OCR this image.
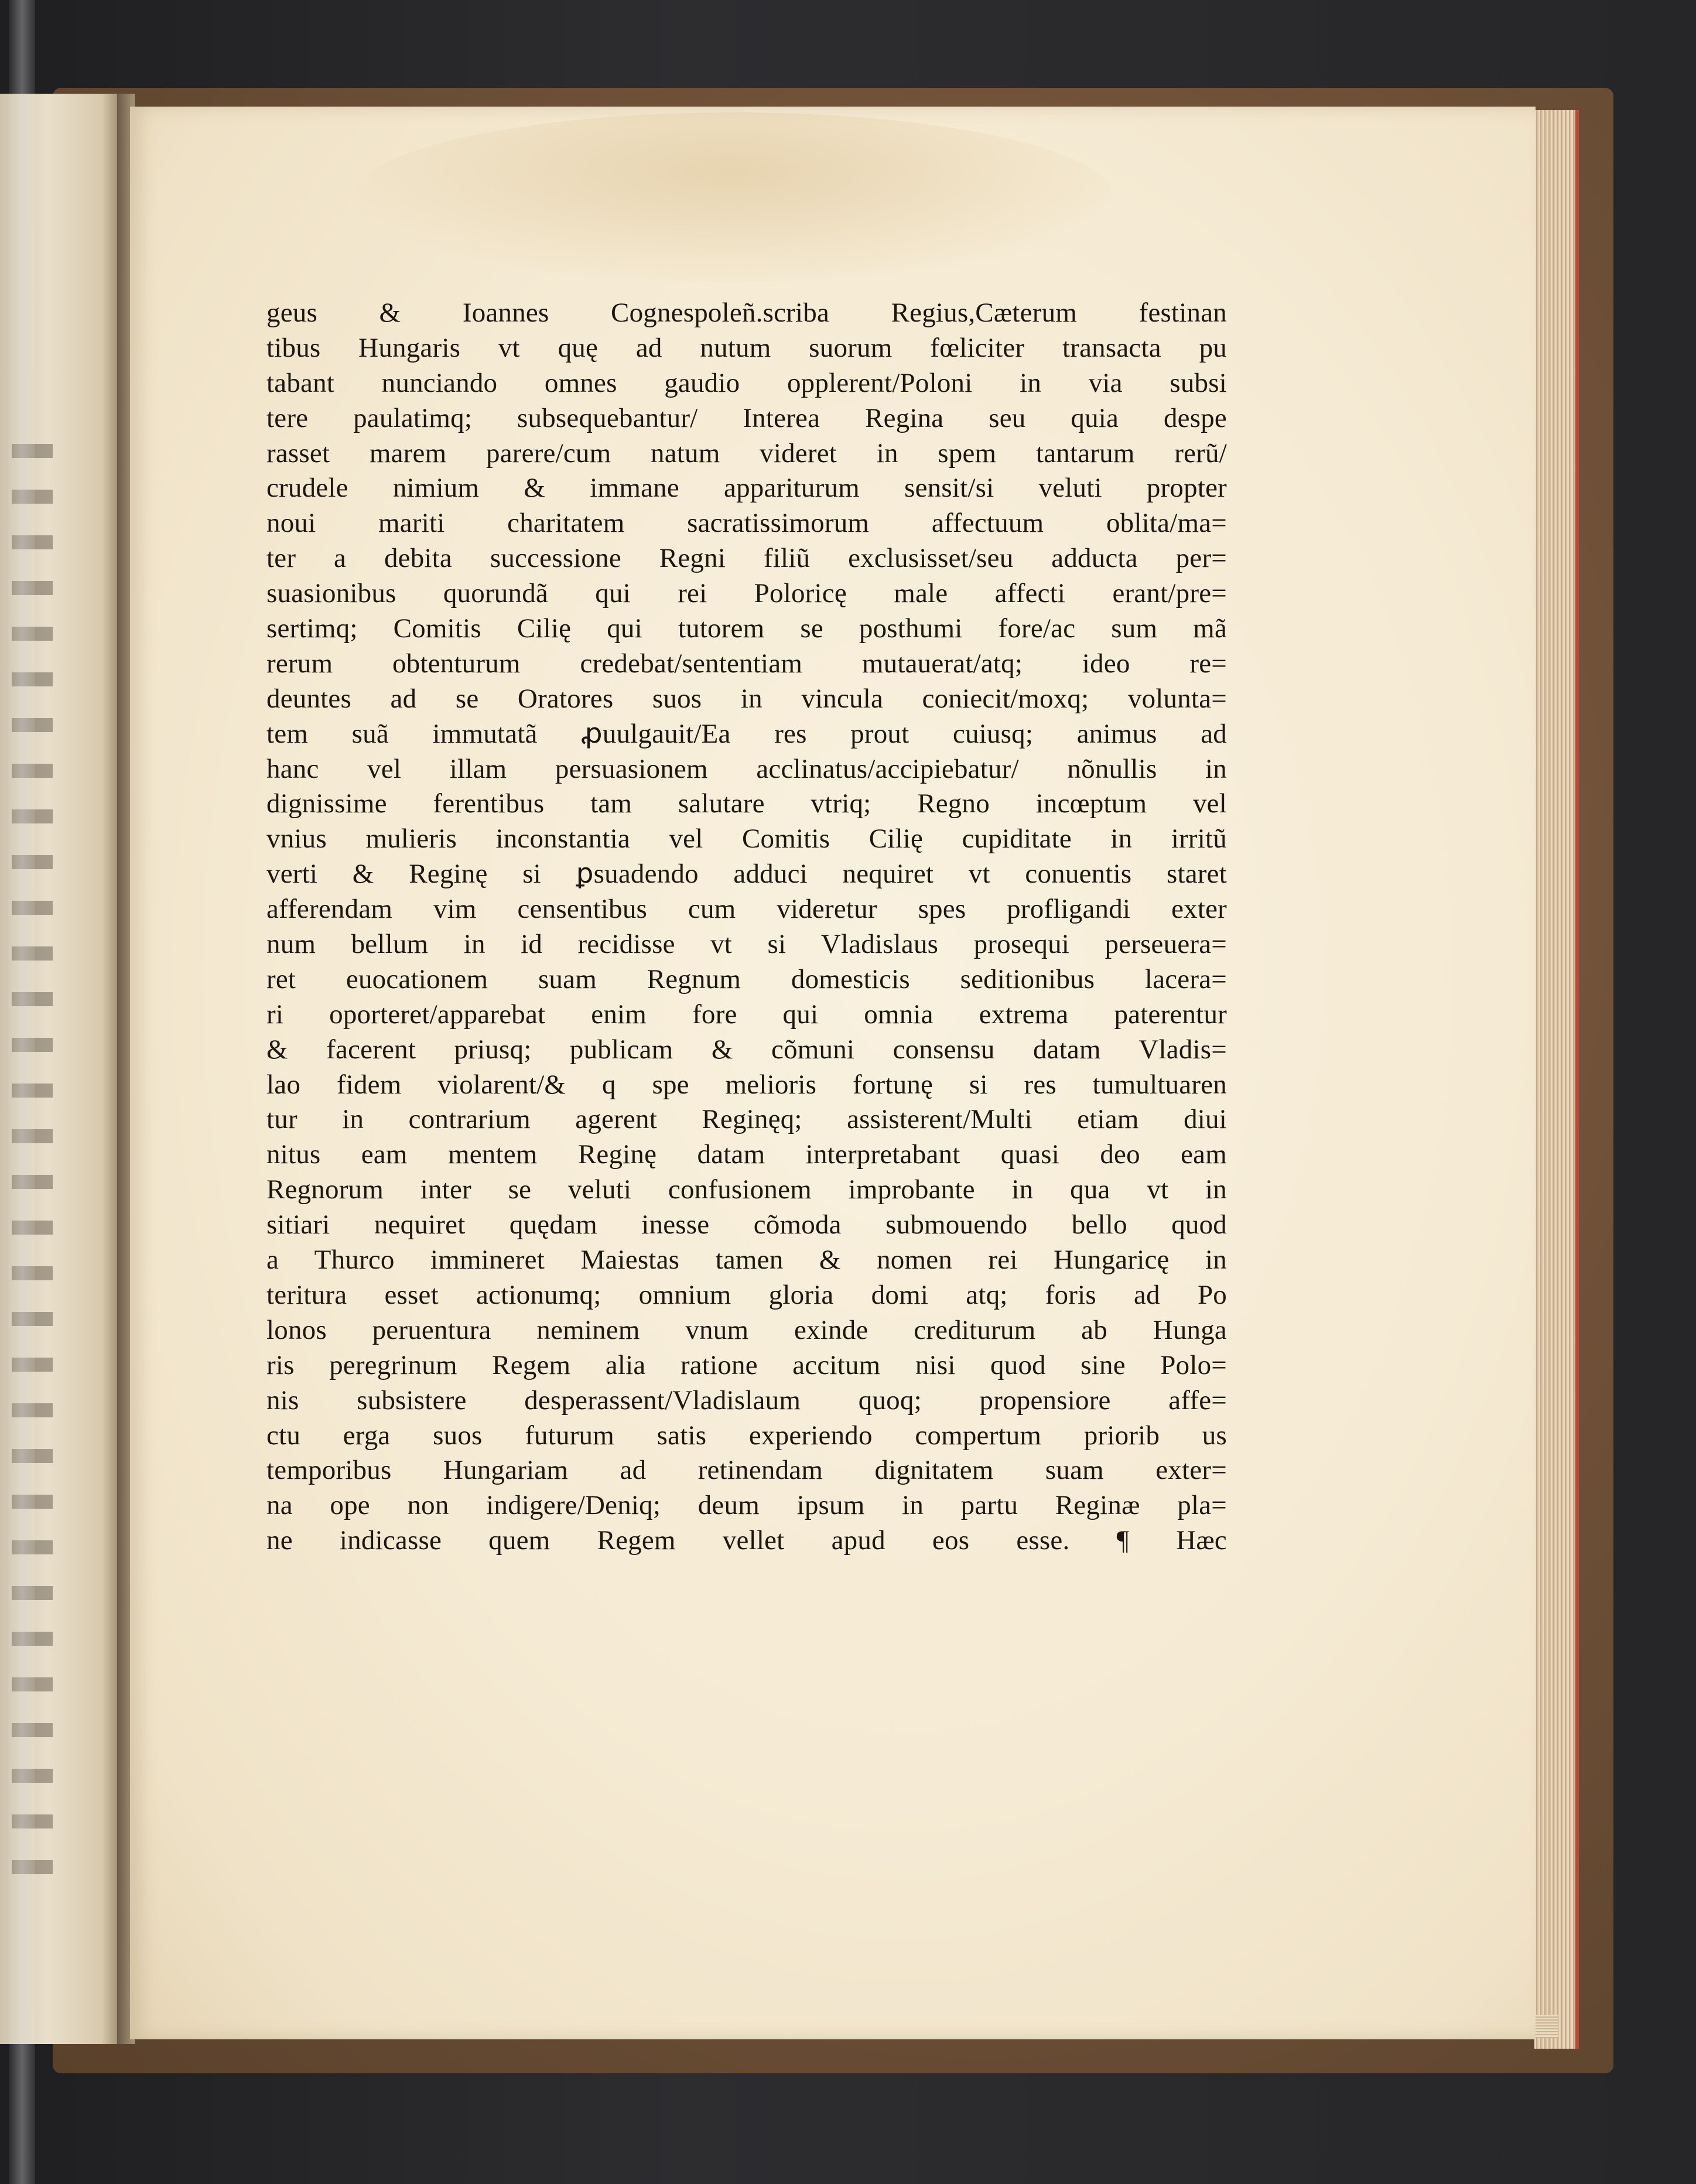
geus & Ioannes Cognespoleñ.scriba Regius,Cæterum festinan
tibus Hungaris vt quę ad nutum suorum fœliciter transacta pu
tabant nunciando omnes gaudio opplerent/Poloni in via subsi
tere paulatimq; subsequebantur/ Interea Regina seu quia despe
rasset marem parere/cum natum videret in spem tantarum rerũ/
crudele nimium & immane appariturum sensit/si veluti propter
noui mariti charitatem sacratissimorum affectuum oblita/ma=
ter a debita successione Regni filiũ exclusisset/seu adducta per=
suasionibus quorundã qui rei Poloricę male affecti erant/pre=
sertimq; Comitis Cilię qui tutorem se posthumi fore/ac sum mã
rerum obtenturum credebat/sententiam mutauerat/atq; ideo re=
deuntes ad se Oratores suos in vincula coniecit/moxq; volunta=
tem suã immutatã ꝓuulgauit/Ea res prout cuiusq; animus ad
hanc vel illam persuasionem acclinatus/accipiebatur/ nõnullis in
dignissime ferentibus tam salutare vtriq; Regno incœptum vel
vnius mulieris inconstantia vel Comitis Cilię cupiditate in irritũ
verti & Reginę si ꝑsuadendo adduci nequiret vt conuentis staret
afferendam vim censentibus cum videretur spes profligandi exter
num bellum in id recidisse vt si Vladislaus prosequi perseuera=
ret euocationem suam Regnum domesticis seditionibus lacera=
ri oporteret/apparebat enim fore qui omnia extrema paterentur
& facerent priusq; publicam & cõmuni consensu datam Vladis=
lao fidem violarent/& q spe melioris fortunę si res tumultuaren
tur in contrarium agerent Reginęq; assisterent/Multi etiam diui
nitus eam mentem Reginę datam interpretabant quasi deo eam
Regnorum inter se veluti confusionem improbante in qua vt in
sitiari nequiret quędam inesse cõmoda submouendo bello quod
a Thurco immineret Maiestas tamen & nomen rei Hungaricę in
teritura esset actionumq; omnium gloria domi atq; foris ad Po
lonos peruentura neminem vnum exinde crediturum ab Hunga
ris peregrinum Regem alia ratione accitum nisi quod sine Polo=
nis subsistere desperassent/Vladislaum quoq; propensiore affe=
ctu erga suos futurum satis experiendo compertum priorib us
temporibus Hungariam ad retinendam dignitatem suam exter=
na ope non indigere/Deniq; deum ipsum in partu Reginæ pla=
ne indicasse quem Regem vellet apud eos esse. ¶ Hæc
